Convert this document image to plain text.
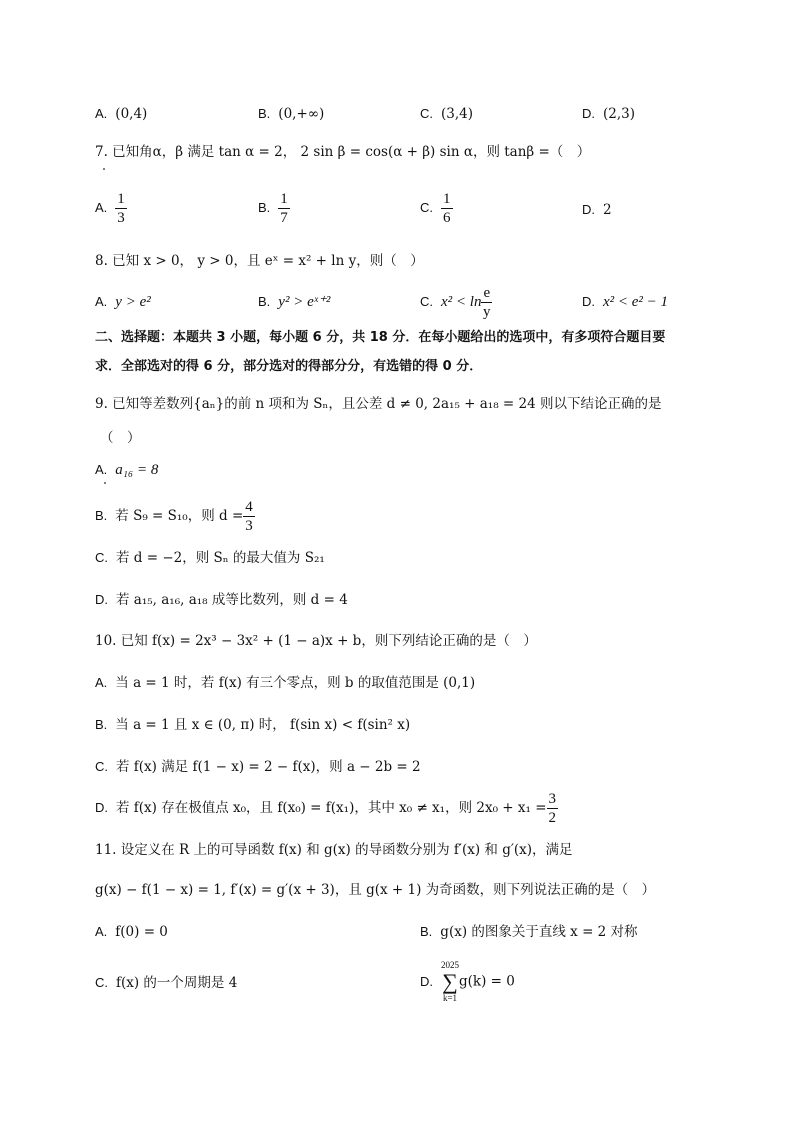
A. (0,4)	B. (0,+∞)	C. (3,4)	D. (2,3)
7. 已知角α，β 满足 tan α = 2， 2 sin β = cos(α + β) sin α，则 tanβ =（　）
A. $\frac{1}{3}$	B. $\frac{1}{7}$	C. $\frac{1}{6}$	D. 2
8. 已知 x > 0， y > 0，且 eˣ = x² + ln y，则（　）
A. y > e²	B. y² > eˣ⁺²	C. $x^2 < \ln \frac{e}{y}$	D. x² < e² − 1
二、选择题：本题共 3 小题，每小题 6 分，共 18 分．在每小题给出的选项中，有多项符合题目要
求．全部选对的得 6 分，部分选对的得部分分，有选错的得 0 分．
9. 已知等差数列{aₙ}的前 n 项和为 Sₙ，且公差 d ≠ 0, 2a₁₅ + a₁₈ = 24 则以下结论正确的是
（　）
A. a₁₆ = 8
B. 若 S₉ = S₁₀，则 $d = \frac{4}{3}$
C. 若 d = −2，则 Sₙ 的最大值为 S₂₁
D. 若 a₁₅, a₁₆, a₁₈ 成等比数列，则 d = 4
10. 已知 f(x) = 2x³ − 3x² + (1 − a)x + b，则下列结论正确的是（　）
A. 当 a = 1 时，若 f(x) 有三个零点，则 b 的取值范围是 (0,1)
B. 当 a = 1 且 x ∈ (0, π) 时， f(sin x) < f(sin² x)
C. 若 f(x) 满足 f(1 − x) = 2 − f(x)，则 a − 2b = 2
D. 若 f(x) 存在极值点 x₀，且 f(x₀) = f(x₁)，其中 x₀ ≠ x₁，则 $2x_0 + x_1 = \frac{3}{2}$
11. 设定义在 R 上的可导函数 f(x) 和 g(x) 的导函数分别为 f′(x) 和 g′(x)，满足
g(x) − f(1 − x) = 1, f′(x) = g′(x + 3)，且 g(x + 1) 为奇函数，则下列说法正确的是（　）
A. f(0) = 0	B. g(x) 的图象关于直线 x = 2 对称
C. f(x) 的一个周期是 4	D.
2025
∑
k=1
g(k) = 0
